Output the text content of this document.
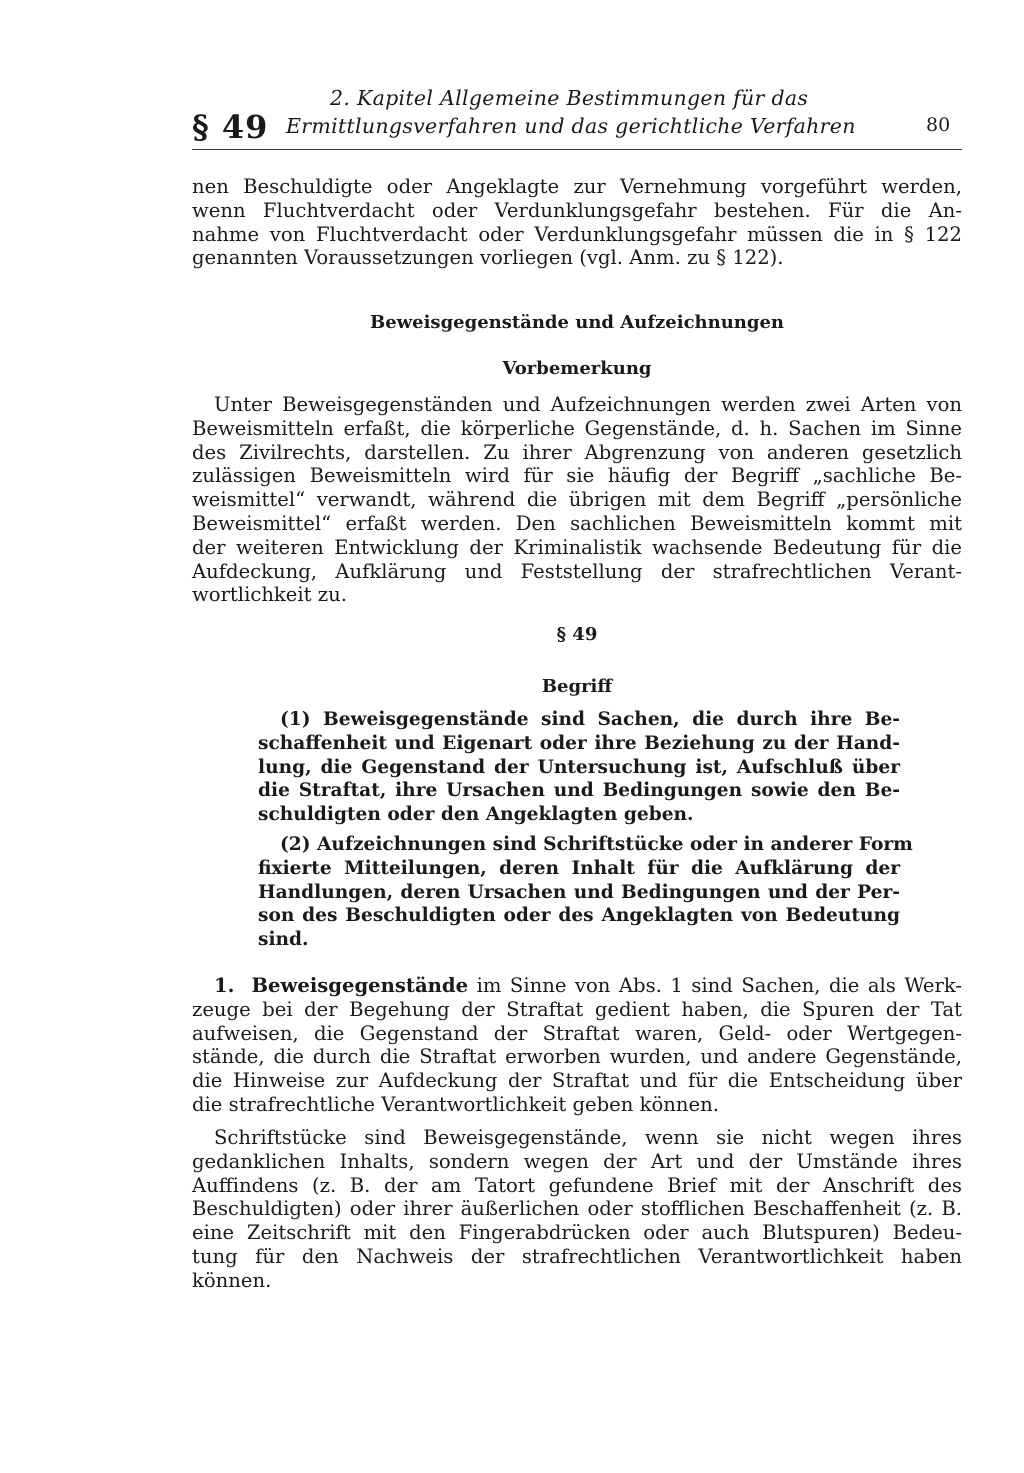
§ 49
2. Kapitel Allgemeine Bestimmungen für das
Ermittlungsverfahren und das gerichtliche Verfahren	80
nen Beschuldigte oder Angeklagte zur Vernehmung vorgeführt werden,
wenn Fluchtverdacht oder Verdunklungsgefahr bestehen. Für die An-
nahme von Fluchtverdacht oder Verdunklungsgefahr müssen die in § 122
genannten Voraussetzungen vorliegen (vgl. Anm. zu § 122).
Beweisgegenstände und Aufzeichnungen
Vorbemerkung
Unter Beweisgegenständen und Aufzeichnungen werden zwei Arten von
Beweismitteln erfaßt, die körperliche Gegenstände, d. h. Sachen im Sinne
des Zivilrechts, darstellen. Zu ihrer Abgrenzung von anderen gesetzlich
zulässigen Beweismitteln wird für sie häufig der Begriff „sachliche Be-
weismittel“ verwandt, während die übrigen mit dem Begriff „persönliche
Beweismittel“ erfaßt werden. Den sachlichen Beweismitteln kommt mit
der weiteren Entwicklung der Kriminalistik wachsende Bedeutung für die
Aufdeckung, Aufklärung und Feststellung der strafrechtlichen Verant-
wortlichkeit zu.
§ 49
Begriff
(1) Beweisgegenstände sind Sachen, die durch ihre Be-
schaffenheit und Eigenart oder ihre Beziehung zu der Hand-
lung, die Gegenstand der Untersuchung ist, Aufschluß über
die Straftat, ihre Ursachen und Bedingungen sowie den Be-
schuldigten oder den Angeklagten geben.
(2) Aufzeichnungen sind Schriftstücke oder in anderer Form
fixierte Mitteilungen, deren Inhalt für die Aufklärung der
Handlungen, deren Ursachen und Bedingungen und der Per-
son des Beschuldigten oder des Angeklagten von Bedeutung
sind.
1. Beweisgegenstände im Sinne von Abs. 1 sind Sachen, die als Werk-
zeuge bei der Begehung der Straftat gedient haben, die Spuren der Tat
aufweisen, die Gegenstand der Straftat waren, Geld- oder Wertgegen-
stände, die durch die Straftat erworben wurden, und andere Gegenstände,
die Hinweise zur Aufdeckung der Straftat und für die Entscheidung über
die strafrechtliche Verantwortlichkeit geben können.
Schriftstücke sind Beweisgegenstände, wenn sie nicht wegen ihres
gedanklichen Inhalts, sondern wegen der Art und der Umstände ihres
Auffindens (z. B. der am Tatort gefundene Brief mit der Anschrift des
Beschuldigten) oder ihrer äußerlichen oder stofflichen Beschaffenheit (z. B.
eine Zeitschrift mit den Fingerabdrücken oder auch Blutspuren) Bedeu-
tung für den Nachweis der strafrechtlichen Verantwortlichkeit haben
können.
